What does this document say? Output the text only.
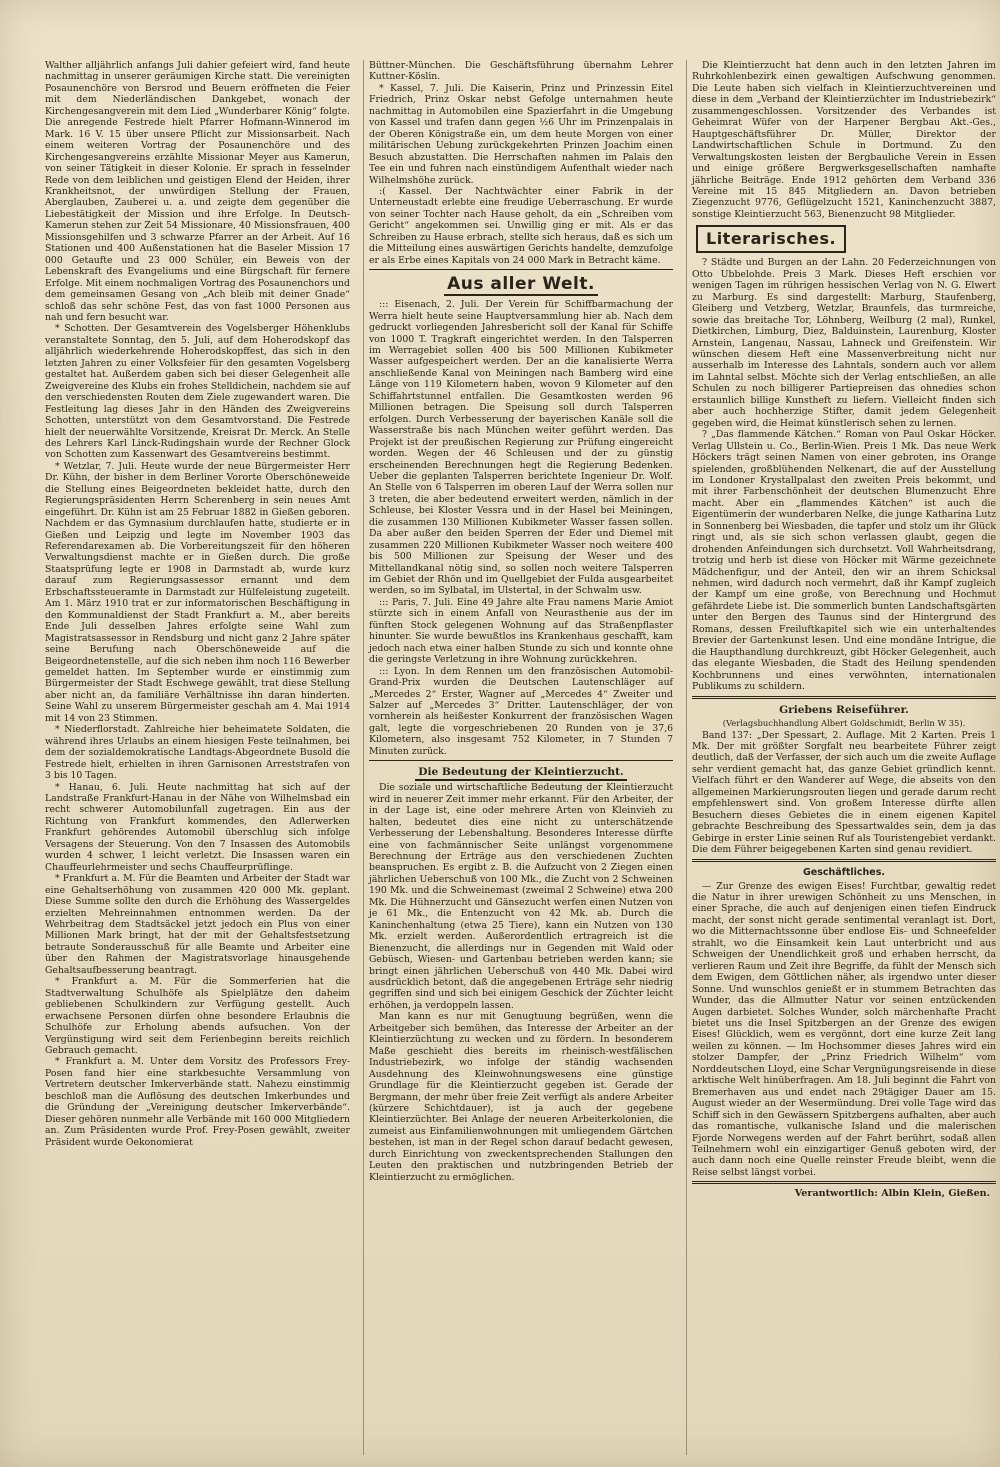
Walther alljährlich anfangs Juli dahier gefeiert wird, fand heute nachmittag in unserer geräumigen Kirche statt. Die vereinigten Posaunenchöre von Bersrod und Beuern eröffneten die Feier mit dem Niederländischen Dankgebet, wonach der Kirchengesangverein mit dem Lied „Wunderbarer König“ folgte. Die anregende Festrede hielt Pfarrer Hofmann-Winnerod im Mark. 16 V. 15 über unsere Pflicht zur Missionsarbeit. Nach einem weiteren Vortrag der Posaunenchöre und des Kirchengesangvereins erzählte Missionar Meyer aus Kamerun, von seiner Tätigkeit in dieser Kolonie. Er sprach in fesselnder Rede von dem leiblichen und geistigen Elend der Heiden, ihrer Krankheitsnot, der unwürdigen Stellung der Frauen, Aberglauben, Zauberei u. a. und zeigte dem gegenüber die Liebestätigkeit der Mission und ihre Erfolge. In Deutsch-Kamerun stehen zur Zeit 54 Missionare, 40 Missionsfrauen, 400 Missionsgehilfen und 3 schwarze Pfarrer an der Arbeit. Auf 16 Stationen und 400 Außenstationen hat die Baseler Mission 17 000 Getaufte und 23 000 Schüler, ein Beweis von der Lebenskraft des Evangeliums und eine Bürgschaft für fernere Erfolge. Mit einem nochmaligen Vortrag des Posaunenchors und dem gemeinsamen Gesang von „Ach bleib mit deiner Gnade“ schloß das sehr schöne Fest, das von fast 1000 Personen aus nah und fern besucht war.

* Schotten. Der Gesamtverein des Vogelsberger Höhenklubs veranstaltete Sonntag, den 5. Juli, auf dem Hoherodskopf das alljährlich wiederkehrende Hoherodskopffest, das sich in den letzten Jahren zu einer Volksfeier für den gesamten Vogelsberg gestaltet hat. Außerdem gaben sich bei dieser Gelegenheit alle Zweigvereine des Klubs ein frohes Stelldichein, nachdem sie auf den verschiedensten Routen dem Ziele zugewandert waren. Die Festleitung lag dieses Jahr in den Händen des Zweigvereins Schotten, unterstützt von dem Gesamtvorstand. Die Festrede hielt der neuerwählte Vorsitzende, Kreisrat Dr. Merck. An Stelle des Lehrers Karl Linck-Rudingshain wurde der Rechner Glock von Schotten zum Kassenwart des Gesamtvereins bestimmt.

* Wetzlar, 7. Juli. Heute wurde der neue Bürgermeister Herr Dr. Kühn, der bisher in dem Berliner Vororte Oberschöneweide die Stellung eines Beigeordneten bekleidet hatte, durch den Regierungspräsidenten Herrn Scherenberg in sein neues Amt eingeführt. Dr. Kühn ist am 25 Februar 1882 in Gießen geboren. Nachdem er das Gymnasium durchlaufen hatte, studierte er in Gießen und Leipzig und legte im November 1903 das Referendarexamen ab. Die Vorbereitungszeit für den höheren Verwaltungsdienst machte er in Gießen durch. Die große Staatsprüfung legte er 1908 in Darmstadt ab, wurde kurz darauf zum Regierungsassessor ernannt und dem Erbschaftssteueramte in Darmstadt zur Hülfeleistung zugeteilt. Am 1. März 1910 trat er zur informatorischen Beschäftigung in den Kommunaldienst der Stadt Frankfurt a. M., aber bereits Ende Juli desselben Jahres erfolgte seine Wahl zum Magistratsassessor in Rendsburg und nicht ganz 2 Jahre später seine Berufung nach Oberschöneweide auf die Beigeordnetenstelle, auf die sich neben ihm noch 116 Bewerber gemeldet hatten. Im September wurde er einstimmig zum Bürgermeister der Stadt Eschwege gewählt, trat diese Stellung aber nicht an, da familiäre Verhältnisse ihn daran hinderten. Seine Wahl zu unserem Bürgermeister geschah am 4. Mai 1914 mit 14 von 23 Stimmen.

* Niederflorstadt. Zahlreiche hier beheimatete Soldaten, die während ihres Urlaubs an einem hiesigen Feste teilnahmen, bei dem der sozialdemokratische Landtags-Abgeordnete Busold die Festrede hielt, erhielten in ihren Garnisonen Arreststrafen von 3 bis 10 Tagen.

* Hanau, 6. Juli. Heute nachmittag hat sich auf der Landstraße Frankfurt-Hanau in der Nähe von Wilhelmsbad ein recht schwerer Automobilunfall zugetragen. Ein aus der Richtung von Frankfurt kommendes, den Adlerwerken Frankfurt gehörendes Automobil überschlug sich infolge Versagens der Steuerung. Von den 7 Insassen des Automobils wurden 4 schwer, 1 leicht verletzt. Die Insassen waren ein Chauffeurlehrmeister und sechs Chauffeurprüflinge.

* Frankfurt a. M. Für die Beamten und Arbeiter der Stadt war eine Gehaltserhöhung von zusammen 420 000 Mk. geplant. Diese Summe sollte den durch die Erhöhung des Wassergeldes erzielten Mehreinnahmen entnommen werden. Da der Wehrbeitrag dem Stadtsäckel jetzt jedoch ein Plus von einer Millionen Mark bringt, hat der mit der Gehaltsfestsetzung betraute Sonderausschuß für alle Beamte und Arbeiter eine über den Rahmen der Magistratsvorlage hinausgehende Gehaltsaufbesserung beantragt.

* Frankfurt a. M. Für die Sommerferien hat die Stadtverwaltung Schulhöfe als Spielplätze den daheim gebliebenen Schulkindern zur Verfügung gestellt. Auch erwachsene Personen dürfen ohne besondere Erlaubnis die Schulhöfe zur Erholung abends aufsuchen. Von der Vergünstigung wird seit dem Ferienbeginn bereits reichlich Gebrauch gemacht.

* Frankfurt a. M. Unter dem Vorsitz des Professors Frey-Posen fand hier eine starkbesuchte Versammlung von Vertretern deutscher Imkerverbände statt. Nahezu einstimmig beschloß man die Auflösung des deutschen Imkerbundes und die Gründung der „Vereinigung deutscher Imkerverbände“. Dieser gehören nunmehr alle Verbände mit 160 000 Mitgliedern an. Zum Präsidenten wurde Prof. Frey-Posen gewählt, zweiter Präsident wurde Oekonomierat

Büttner-München. Die Geschäftsführung übernahm Lehrer Kuttner-Köslin.

* Kassel, 7. Juli. Die Kaiserin, Prinz und Prinzessin Eitel Friedrich, Prinz Oskar nebst Gefolge unternahmen heute nachmittag in Automobilen eine Spazierfahrt in die Umgebung von Kassel und trafen dann gegen ½6 Uhr im Prinzenpalais in der Oberen Königstraße ein, um dem heute Morgen von einer militärischen Uebung zurückgekehrten Prinzen Joachim einen Besuch abzustatten. Die Herrschaften nahmen im Palais den Tee ein und fuhren nach einstündigem Aufenthalt wieder nach Wilhelmshöhe zurück.

:( Kassel. Der Nachtwächter einer Fabrik in der Unterneustadt erlebte eine freudige Ueberraschung. Er wurde von seiner Tochter nach Hause geholt, da ein „Schreiben vom Gericht“ angekommen sei. Unwillig ging er mit. Als er das Schreiben zu Hause erbrach, stellte sich heraus, daß es sich um die Mitteilung eines auswärtigen Gerichts handelte, demzufolge er als Erbe eines Kapitals von 24 000 Mark in Betracht käme.

Aus aller Welt.

::: Eisenach, 2. Juli. Der Verein für Schiffbarmachung der Werra hielt heute seine Hauptversammlung hier ab. Nach dem gedruckt vorliegenden Jahresbericht soll der Kanal für Schiffe von 1000 T. Tragkraft eingerichtet werden. In den Talsperren im Werragebiet sollen 400 bis 500 Millionen Kubikmeter Wasser aufgespeichert werden. Der an die kanalisierte Werra anschließende Kanal von Meiningen nach Bamberg wird eine Länge von 119 Kilometern haben, wovon 9 Kilometer auf den Schiffahrtstunnel entfallen. Die Gesamtkosten werden 96 Millionen betragen. Die Speisung soll durch Talsperren erfolgen. Durch Verbesserung der bayerischen Kanäle soll die Wasserstraße bis nach München weiter geführt werden. Das Projekt ist der preußischen Regierung zur Prüfung eingereicht worden. Wegen der 46 Schleusen und der zu günstig erscheinenden Berechnungen hegt die Regierung Bedenken. Ueber die geplanten Talsperren berichtete Ingenieur Dr. Wolf. An Stelle von 6 Talsperren im oberen Lauf der Werra sollen nur 3 treten, die aber bedeutend erweitert werden, nämlich in der Schleuse, bei Kloster Vessra und in der Hasel bei Meiningen, die zusammen 130 Millionen Kubikmeter Wasser fassen sollen. Da aber außer den beiden Sperren der Eder und Diemel mit zusammen 220 Millionen Kubikmeter Wasser noch weitere 400 bis 500 Millionen zur Speisung der Weser und des Mittellandkanal nötig sind, so sollen noch weitere Talsperren im Gebiet der Rhön und im Quellgebiet der Fulda ausgearbeitet werden, so im Sylbatal, im Ulstertal, in der Schwalm usw.

::: Paris, 7. Juli. Eine 49 Jahre alte Frau namens Marie Amiot stürzte sich in einem Anfall von Neurasthenie aus der im fünften Stock gelegenen Wohnung auf das Straßenpflaster hinunter. Sie wurde bewußtlos ins Krankenhaus geschafft, kam jedoch nach etwa einer halben Stunde zu sich und konnte ohne die geringste Verletzung in ihre Wohnung zurückkehren.

::: Lyon. In dem Rennen um den französischen Automobil-Grand-Prix wurden die Deutschen Lautenschläger auf „Mercedes 2“ Erster, Wagner auf „Mercedes 4“ Zweiter und Salzer auf „Mercedes 3“ Dritter. Lautenschläger, der von vornherein als heißester Konkurrent der französischen Wagen galt, legte die vorgeschriebenen 20 Runden von je 37,6 Kilometern, also insgesamt 752 Kilometer, in 7 Stunden 7 Minuten zurück.

Die Bedeutung der Kleintierzucht.

Die soziale und wirtschaftliche Bedeutung der Kleintierzucht wird in neuerer Zeit immer mehr erkannt. Für den Arbeiter, der in der Lage ist, eine oder mehrere Arten von Kleinvieh zu halten, bedeutet dies eine nicht zu unterschätzende Verbesserung der Lebenshaltung. Besonderes Interesse dürfte eine von fachmännischer Seite unlängst vorgenommene Berechnung der Erträge aus den verschiedenen Zuchten beanspruchen. Es ergibt z. B. die Aufzucht von 2 Ziegen einen jährlichen Ueberschuß von 100 Mk., die Zucht von 2 Schweinen 190 Mk. und die Schweinemast (zweimal 2 Schweine) etwa 200 Mk. Die Hühnerzucht und Gänsezucht werfen einen Nutzen von je 61 Mk., die Entenzucht von 42 Mk. ab. Durch die Kaninchenhaltung (etwa 25 Tiere), kann ein Nutzen von 130 Mk. erzielt werden. Außerordentlich ertragreich ist die Bienenzucht, die allerdings nur in Gegenden mit Wald oder Gebüsch, Wiesen- und Gartenbau betrieben werden kann; sie bringt einen jährlichen Ueberschuß von 440 Mk. Dabei wird ausdrücklich betont, daß die angegebenen Erträge sehr niedrig gegriffen sind und sich bei einigem Geschick der Züchter leicht erhöhen, ja verdoppeln lassen.

Man kann es nur mit Genugtuung begrüßen, wenn die Arbeitgeber sich bemühen, das Interesse der Arbeiter an der Kleintierzüchtung zu wecken und zu fördern. In besonderem Maße geschieht dies bereits im rheinisch-westfälischen Industriebezirk, wo infolge der ständig wachsenden Ausdehnung des Kleinwohnungswesens eine günstige Grundlage für die Kleintierzucht gegeben ist. Gerade der Bergmann, der mehr über freie Zeit verfügt als andere Arbeiter (kürzere Schichtdauer), ist ja auch der gegebene Kleintierzüchter. Bei Anlage der neueren Arbeiterkolonien, die zumeist aus Einfamilienwohnungen mit umliegendem Gärtchen bestehen, ist man in der Regel schon darauf bedacht gewesen, durch Einrichtung von zweckentsprechenden Stallungen den Leuten den praktischen und nutzbringenden Betrieb der Kleintierzucht zu ermöglichen.

Die Kleintierzucht hat denn auch in den letzten Jahren im Ruhrkohlenbezirk einen gewaltigen Aufschwung genommen. Die Leute haben sich vielfach in Kleintierzuchtvereinen und diese in dem „Verband der Kleintierzüchter im Industriebezirk“ zusammengeschlossen. Vorsitzender des Verbandes ist Geheimrat Wüfer von der Harpener Bergbau Akt.-Ges., Hauptgeschäftsführer Dr. Müller, Direktor der Landwirtschaftlichen Schule in Dortmund. Zu den Verwaltungskosten leisten der Bergbauliche Verein in Essen und einige größere Bergwerksgesellschaften namhafte jährliche Beiträge. Ende 1912 gehörten dem Verband 336 Vereine mit 15 845 Mitgliedern an. Davon betrieben Ziegenzucht 9776, Geflügelzucht 1521, Kaninchenzucht 3887, sonstige Kleintierzucht 563, Bienenzucht 98 Mitglieder.

Literarisches.

? Städte und Burgen an der Lahn. 20 Federzeichnungen von Otto Ubbelohde. Preis 3 Mark. Dieses Heft erschien vor wenigen Tagen im rührigen hessischen Verlag von N. G. Elwert zu Marburg. Es sind dargestellt: Marburg, Staufenberg, Gleiberg und Vetzberg, Wetzlar, Braunfels, das turmreiche, sowie das breitache Tor, Löhnberg, Weilburg (2 mal), Runkel, Dietkirchen, Limburg, Diez, Balduinstein, Laurenburg, Kloster Arnstein, Langenau, Nassau, Lahneck und Greifenstein. Wir wünschen diesem Heft eine Massenverbreitung nicht nur ausserhalb im Interesse des Lahntals, sondern auch vor allem im Lahntal selbst. Möchte sich der Verlag entschließen, an alle Schulen zu noch billigerer Partiepreisen das ohnedies schon erstaunlich billige Kunstheft zu liefern. Vielleicht finden sich aber auch hochherzige Stifter, damit jedem Gelegenheit gegeben wird, die Heimat künstlerisch sehen zu lernen.

? „Das flammende Kätchen.“ Roman von Paul Oskar Höcker. Verlag Ullstein u. Co., Berlin-Wien. Preis 1 Mk. Das neue Werk Höckers trägt seinen Namen von einer gebroten, ins Orange spielenden, großblühenden Nelkenart, die auf der Ausstellung im Londoner Krystallpalast den zweiten Preis bekommt, und mit ihrer Farbenschönheit der deutschen Blumenzucht Ehre macht. Aber ein „flammendes Kätchen“ ist auch die Eigentümerin der wunderbaren Nelke, die junge Katharina Lutz in Sonnenberg bei Wiesbaden, die tapfer und stolz um ihr Glück ringt und, als sie sich schon verlassen glaubt, gegen die drohenden Anfeindungen sich durchsetzt. Voll Wahrheitsdrang, trotzig und herb ist diese von Höcker mit Wärme gezeichnete Mädchenfigur, und der Anteil, den wir an ihrem Schicksal nehmen, wird dadurch noch vermehrt, daß ihr Kampf zugleich der Kampf um eine große, von Berechnung und Hochmut gefährdete Liebe ist. Die sommerlich bunten Landschaftsgärten unter den Bergen des Taunus sind der Hintergrund des Romans, dessen Freiluftkapitel sich wie ein unterhaltendes Brevier der Gartenkunst lesen. Und eine mondäne Intrigue, die die Haupthandlung durchkreuzt, gibt Höcker Gelegenheit, auch das elegante Wiesbaden, die Stadt des Heilung spendenden Kochbrunnens und eines verwöhnten, internationalen Publikums zu schildern.

Griebens Reiseführer.
(Verlagsbuchhandlung Albert Goldschmidt, Berlin W 35).

Band 137: „Der Spessart, 2. Auflage. Mit 2 Karten. Preis 1 Mk. Der mit größter Sorgfalt neu bearbeitete Führer zeigt deutlich, daß der Verfasser, der sich auch um die zweite Auflage sehr verdient gemacht hat, das ganze Gebiet gründlich kennt. Vielfach führt er den Wanderer auf Wege, die abseits von den allgemeinen Markierungsrouten liegen und gerade darum recht empfehlenswert sind. Von großem Interesse dürfte allen Besuchern dieses Gebietes die in einem eigenen Kapitel gebrachte Beschreibung des Spessartwaldes sein, dem ja das Gebirge in erster Linie seinen Ruf als Touristengebiet verdankt. Die dem Führer beigegebenen Karten sind genau revidiert.

Geschäftliches.

— Zur Grenze des ewigen Eises! Furchtbar, gewaltig redet die Natur in ihrer urewigen Schönheit zu uns Menschen, in einer Sprache, die auch auf denjenigen einen tiefen Eindruck macht, der sonst nicht gerade sentimental veranlagt ist. Dort, wo die Mitternachtssonne über endlose Eis- und Schneefelder strahlt, wo die Einsamkeit kein Laut unterbricht und aus Schweigen der Unendlichkeit groß und erhaben herrscht, da verlieren Raum und Zeit ihre Begriffe, da fühlt der Mensch sich dem Ewigen, dem Göttlichen näher, als irgendwo unter dieser Sonne. Und wunschlos genießt er in stummem Betrachten das Wunder, das die Allmutter Natur vor seinen entzückenden Augen darbietet. Solches Wunder, solch märchenhafte Pracht bietet uns die Insel Spitzbergen an der Grenze des ewigen Eises! Glücklich, wem es vergönnt, dort eine kurze Zeit lang weilen zu können. — Im Hochsommer dieses Jahres wird ein stolzer Dampfer, der „Prinz Friedrich Wilhelm“ vom Norddeutschen Lloyd, eine Schar Vergnügungsreisende in diese arktische Welt hinüberfragen. Am 18. Juli beginnt die Fahrt von Bremerhaven aus und endet nach 29tägiger Dauer am 15. August wieder an der Wesermündung. Drei volle Tage wird das Schiff sich in den Gewässern Spitzbergens aufhalten, aber auch das romantische, vulkanische Island und die malerischen Fjorde Norwegens werden auf der Fahrt berührt, sodaß allen Teilnehmern wohl ein einzigartiger Genuß geboten wird, der auch dann noch eine Quelle reinster Freude bleibt, wenn die Reise selbst längst vorbei.

Verantwortlich: Albin Klein, Gießen.
